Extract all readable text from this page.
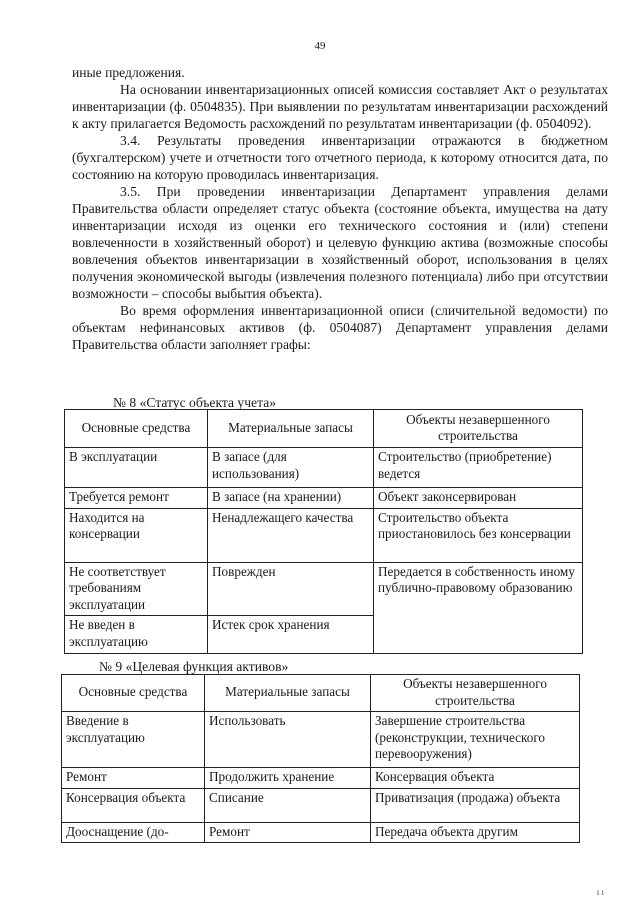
49

иные предложения.

На основании инвентаризационных описей комиссия составляет Акт о результатах инвентаризации (ф. 0504835). При выявлении по результатам инвентаризации расхождений к акту прилагается Ведомость расхождений по результатам инвентаризации (ф. 0504092).

3.4. Результаты проведения инвентаризации отражаются в бюджетном (бухгалтерском) учете и отчетности того отчетного периода, к которому относится дата, по состоянию на которую проводилась инвентаризация.

3.5. При проведении инвентаризации Департамент управления делами Правительства области определяет статус объекта (состояние объекта, имущества на дату инвентаризации исходя из оценки его технического состояния и (или) степени вовлеченности в хозяйственный оборот) и целевую функцию актива (возможные способы вовлечения объектов инвентаризации в хозяйственный оборот, использования в целях получения экономической выгоды (извлечения полезного потенциала) либо при отсутствии возможности – способы выбытия объекта).

Во время оформления инвентаризационной описи (сличительной ведомости) по объектам нефинансовых активов (ф. 0504087) Департамент управления делами Правительства области заполняет графы:

№ 8 «Статус объекта учета»
Основные средства	Материальные запасы	Объекты незавершенного строительства
В эксплуатации	В запасе (для использования)	Строительство (приобретение) ведется
Требуется ремонт	В запасе (на хранении)	Объект законсервирован
Находится на консервации	Ненадлежащего качества	Строительство объекта приостановилось без консервации
Не соответствует требованиям эксплуатации	Поврежден	Передается в собственность иному публично-правовому образованию
Не введен в эксплуатацию	Истек срок хранения	
№ 9 «Целевая функция активов»
Основные средства	Материальные запасы	Объекты незавершенного строительства
Введение в эксплуатацию	Использовать	Завершение строительства (реконструкции, технического перевооружения)
Ремонт	Продолжить хранение	Консервация объекта
Консервация объекта	Списание	Приватизация (продажа) объекта
Дооснащение (до-	Ремонт	Передача объекта другим
ı ı
